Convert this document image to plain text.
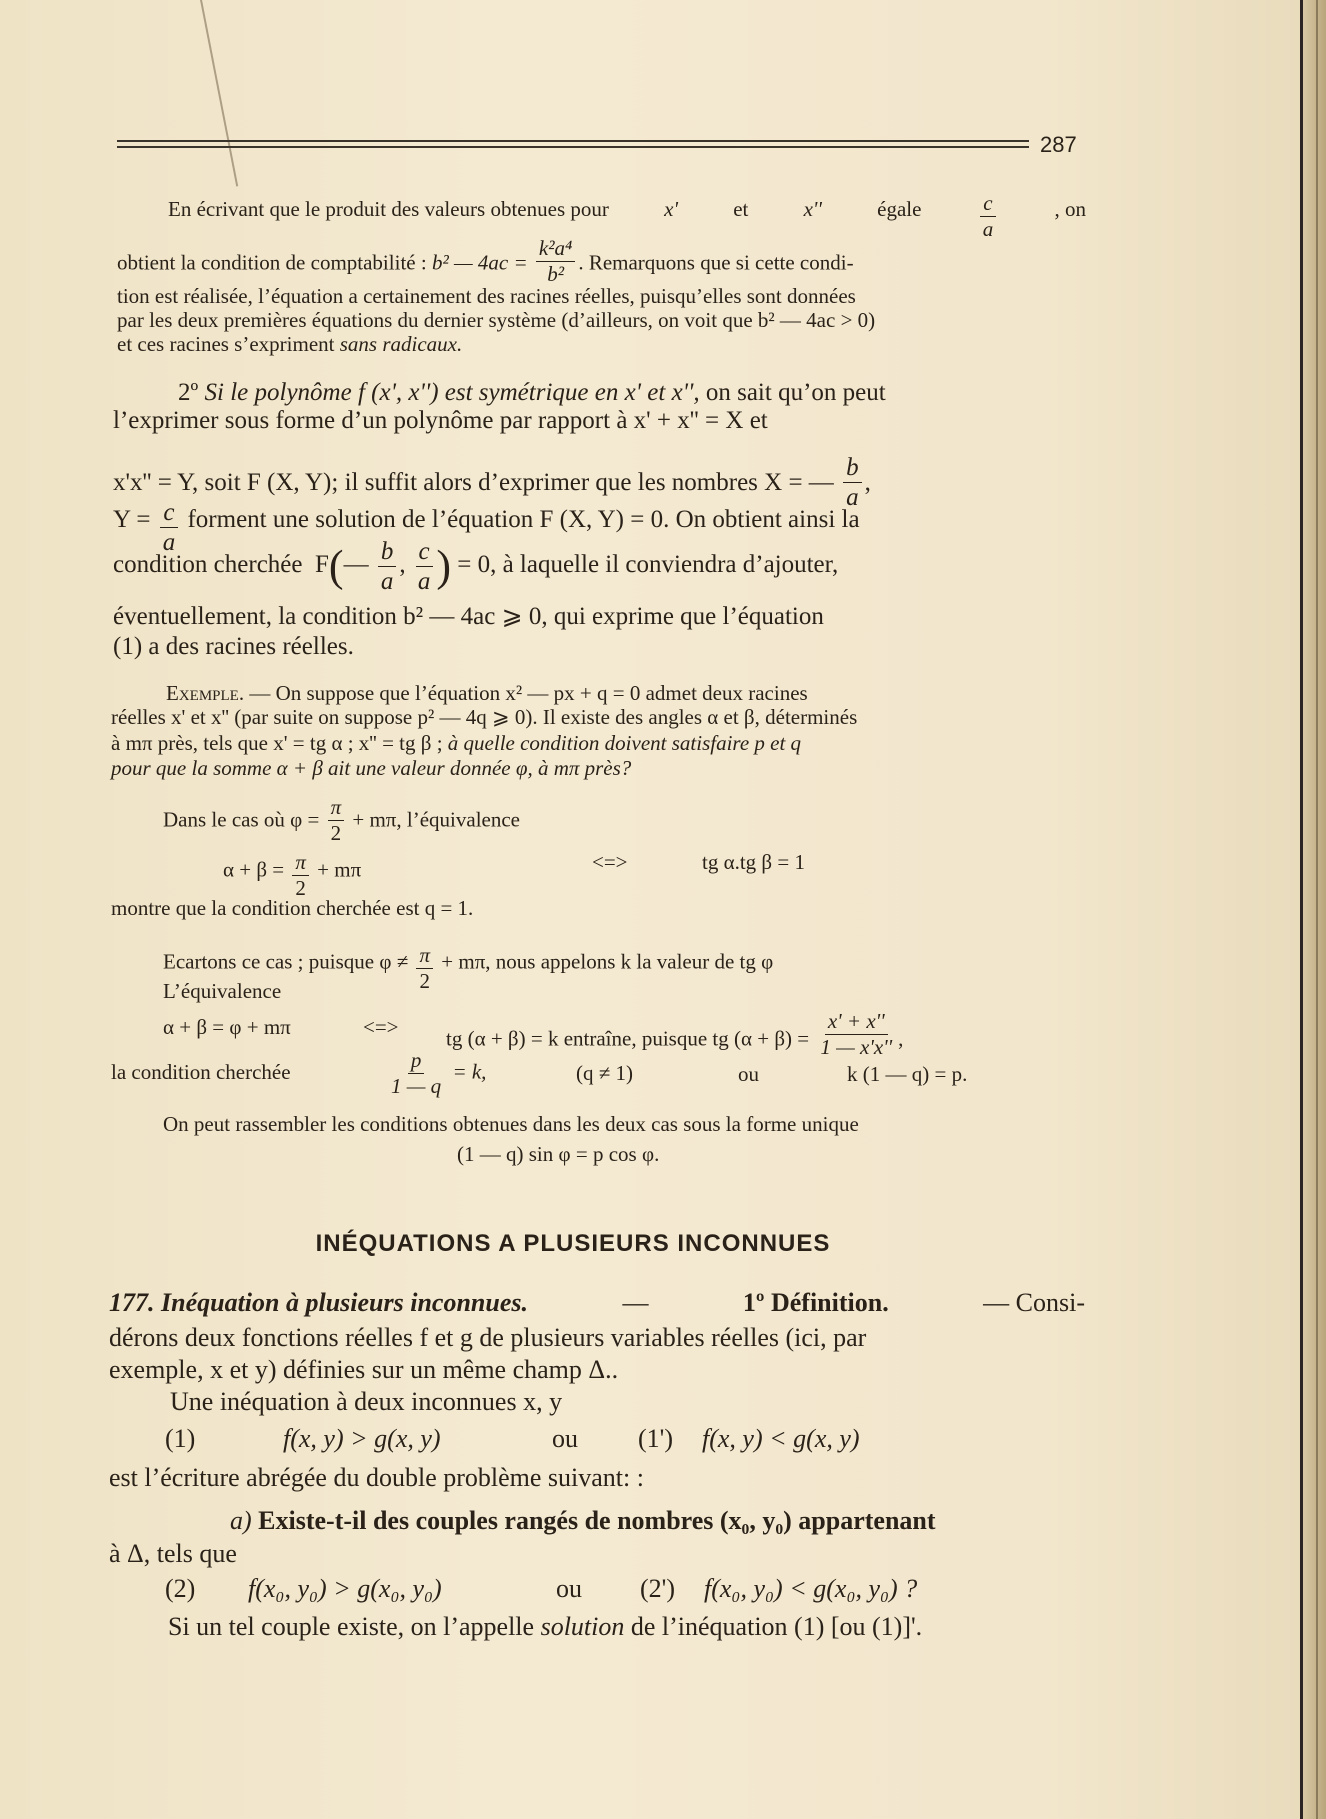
287
En écrivant que le produit des valeurs obtenues pour	x'	et	x''	égale	$\frac{c}{a}$	, on
obtient la condition de comptabilité : b² — $4ac = \frac{\text{k²a⁴}}{\text{b²}}$ . Remarquons que si cette condi-
tion est réalisée, l’équation a certainement des racines réelles, puisqu’elles sont données
par les deux premières équations du dernier système (d’ailleurs, on voit que b² — 4ac > 0)
et ces racines s’expriment sans radicaux.
2º Si le polynôme f (x', x'') est symétrique en x' et x'', on sait qu’on peut
l’exprimer sous forme d’un polynôme par rapport à x' + x'' = X et
x'x'' = Y, soit F (X, Y); il suffit alors d’exprimer que les nombres X = — $\frac{b}{a}$ ,
$Y = \frac{c}{a}$ forment une solution de l’équation F (X, Y) = 0. On obtient ainsi la
condition cherchée F(— $\frac{b}{a}$ , $\frac{c}{a}$ ) = 0, à laquelle il conviendra d’ajouter,
éventuellement, la condition b² — 4ac ⩾ 0, qui exprime que l’équation
(1) a des racines réelles.
Exemple. — On suppose que l’équation x² — px + q = 0 admet deux racines
réelles x' et x'' (par suite on suppose p² — 4q ⩾ 0). Il existe des angles α et β, déterminés
à mπ près, tels que x' = tg α ; x'' = tg β ; à quelle condition doivent satisfaire p et q
pour que la somme α + β ait une valeur donnée φ, à mπ près?
Dans le cas où $\varphi = \frac{\pi}{2} + m\pi$, l’équivalence
$\alpha + \beta = \frac{\pi}{2} + m\pi$	<=>	tg α.tg β = 1
montre que la condition cherchée est q = 1.
Ecartons ce cas ; puisque $\varphi \ne \frac{\pi}{2} + m\pi$, nous appelons k la valeur de tg φ
L’équivalence
α + β = φ + mπ	<=> tg (α + β) = k entraîne, puisque tg $(\alpha + \beta) = \frac{x' + x''}{1 — x'x''}$ ,
la condition cherchée	$\frac{p}{1 — q} = k$,	(q ≠ 1)	ou	k (1 — q) = p.
On peut rassembler les conditions obtenues dans les deux cas sous la forme unique
(1 — q) sin φ = p cos φ.
INÉQUATIONS A PLUSIEURS INCONNUES
177. Inéquation à plusieurs inconnues.	—	1º Définition.	— Consi-
dérons deux fonctions réelles f et g de plusieurs variables réelles (ici, par
exemple, x et y) définies sur un même champ Δ..
Une inéquation à deux inconnues x, y
(1)	f(x, y) > g(x, y)	ou (1') f(x, y) < g(x, y)
est l’écriture abrégée du double problème suivant: :
a) Existe-t-il des couples rangés de nombres (x₀, y₀) appartenant
à Δ, tels que
(2) f(x₀, y₀) > g(x₀, y₀)	ou (2') f(x₀, y₀) < g(x₀, y₀) ?
Si un tel couple existe, on l’appelle solution de l’inéquation (1) [ou (1)]'.
